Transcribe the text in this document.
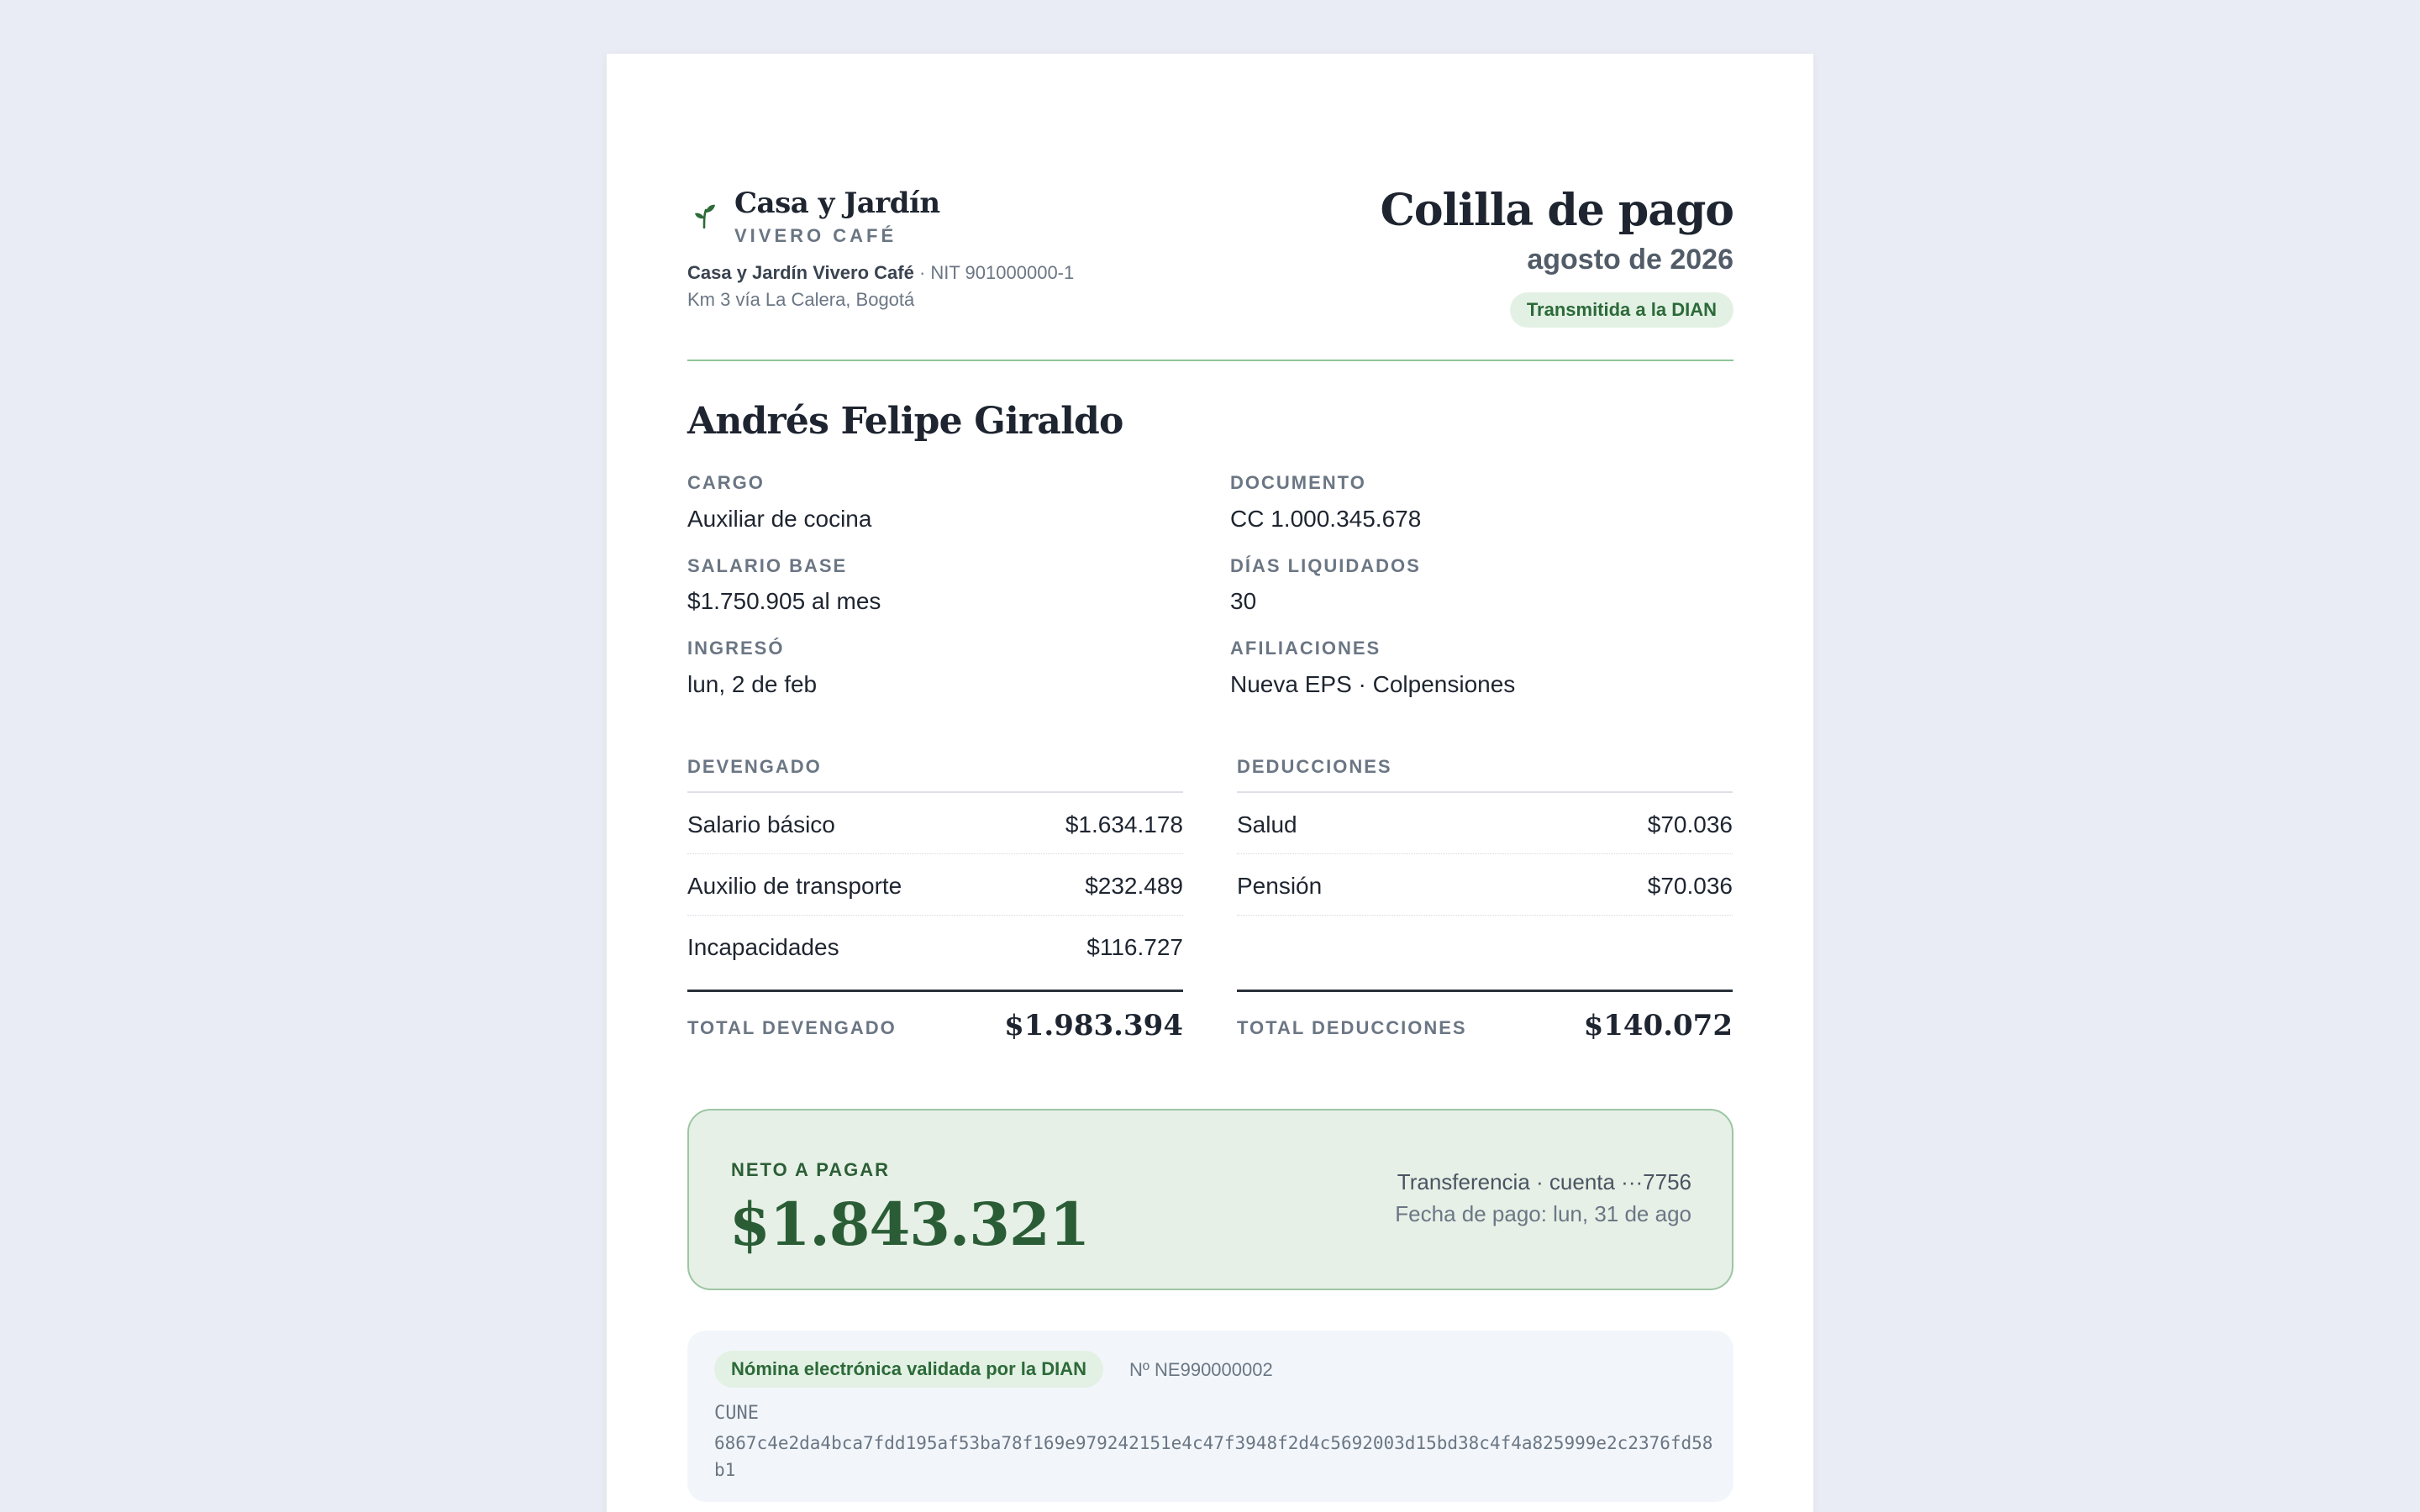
Casa y Jardín
VIVERO CAFÉ
Casa y Jardín Vivero Café · NIT 901000000-1
Km 3 vía La Calera, Bogotá
Colilla de pago
agosto de 2026
Transmitida a la DIAN
Andrés Felipe Giraldo
CARGO
Auxiliar de cocina
DOCUMENTO
CC 1.000.345.678
SALARIO BASE
$1.750.905 al mes
DÍAS LIQUIDADOS
30
INGRESÓ
lun, 2 de feb
AFILIACIONES
Nueva EPS · Colpensiones
DEVENGADO
Salario básico	$1.634.178
Auxilio de transporte	$232.489
Incapacidades	$116.727
TOTAL DEVENGADO	$1.983.394
DEDUCCIONES
Salud	$70.036
Pensión	$70.036
TOTAL DEDUCCIONES	$140.072
NETO A PAGAR
$1.843.321
Transferencia · cuenta ···7756
Fecha de pago: lun, 31 de ago
Nómina electrónica validada por la DIAN	Nº NE990000002
CUNE
6867c4e2da4bca7fdd195af53ba78f169e979242151e4c47f3948f2d4c5692003d15bd38c4f4a825999e2c2376fd58b1
